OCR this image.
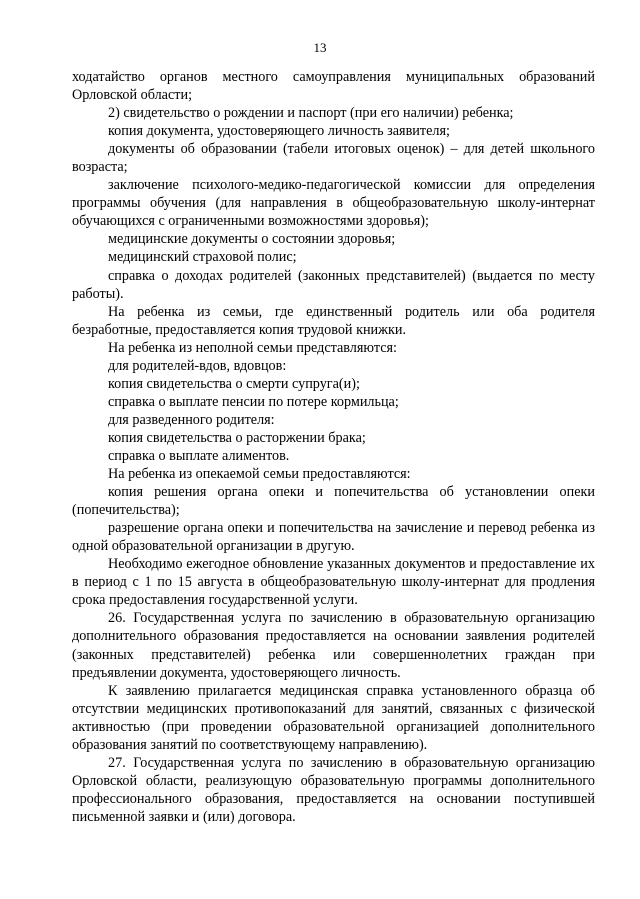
13

ходатайство органов местного самоуправления муниципальных образований Орловской области;

2) свидетельство о рождении и паспорт (при его наличии) ребенка;

копия документа, удостоверяющего личность заявителя;

документы об образовании (табели итоговых оценок) – для детей школьного возраста;

заключение психолого-медико-педагогической комиссии для определения программы обучения (для направления в общеобразовательную школу-интернат обучающихся с ограниченными возможностями здоровья);

медицинские документы о состоянии здоровья;

медицинский страховой полис;

справка о доходах родителей (законных представителей) (выдается по месту работы).

На ребенка из семьи, где единственный родитель или оба родителя безработные, предоставляется копия трудовой книжки.

На ребенка из неполной семьи представляются:

для родителей-вдов, вдовцов:

копия свидетельства о смерти супруга(и);

справка о выплате пенсии по потере кормильца;

для разведенного родителя:

копия свидетельства о расторжении брака;

справка о выплате алиментов.

На ребенка из опекаемой семьи предоставляются:

копия решения органа опеки и попечительства об установлении опеки (попечительства);

разрешение органа опеки и попечительства на зачисление и перевод ребенка из одной образовательной организации в другую.

Необходимо ежегодное обновление указанных документов и предоставление их в период с 1 по 15 августа в общеобразовательную школу-интернат для продления срока предоставления государственной услуги.

26. Государственная услуга по зачислению в образовательную организацию дополнительного образования предоставляется на основании заявления родителей (законных представителей) ребенка или совершеннолетних граждан при предъявлении документа, удостоверяющего личность.

К заявлению прилагается медицинская справка установленного образца об отсутствии медицинских противопоказаний для занятий, связанных с физической активностью (при проведении образовательной организацией дополнительного образования занятий по соответствующему направлению).

27. Государственная услуга по зачислению в образовательную организацию Орловской области, реализующую образовательную программы дополнительного профессионального образования, предоставляется на основании поступившей письменной заявки и (или) договора.
